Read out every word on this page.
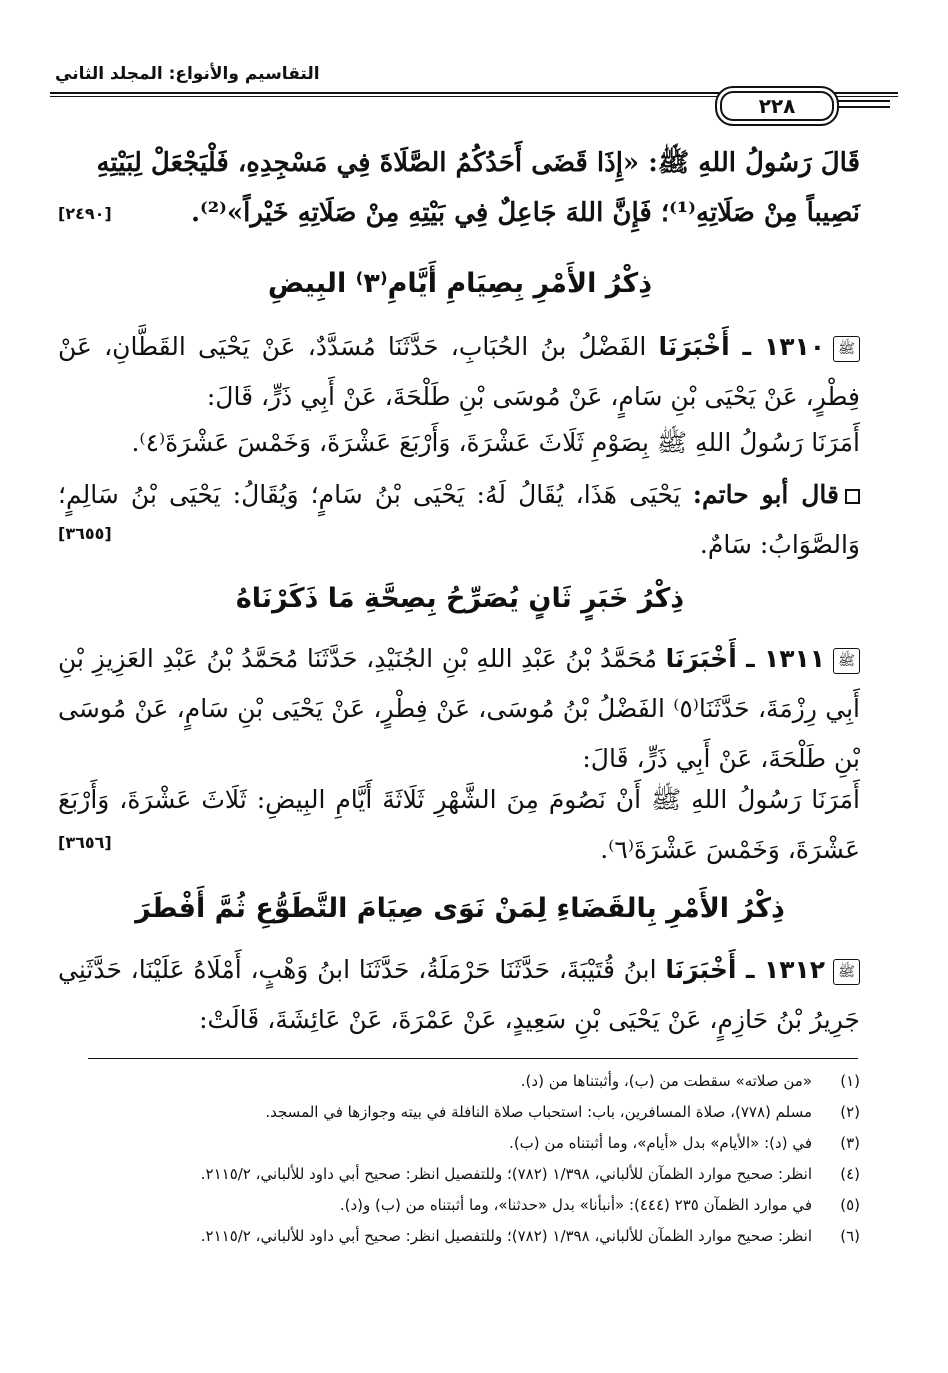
التقاسيم والأنواع: المجلد الثاني
٢٢٨
قَالَ رَسُولُ اللهِ ﷺ: «إِذَا قَضَى أَحَدُكُمُ الصَّلَاةَ فِي مَسْجِدِهِ، فَلْيَجْعَلْ لِبَيْتِهِ
نَصِيباً مِنْ صَلَاتِهِ⁽¹⁾؛ فَإِنَّ اللهَ جَاعِلٌ فِي بَيْتِهِ مِنْ صَلَاتِهِ خَيْراً»⁽²⁾.
[٢٤٩٠]
ذِكْرُ الأَمْرِ بِصِيَامِ أَيَّامِ⁽٣⁾ البِيضِ
ﷺ١٣١٠ ـ أَخْبَرَنَا الفَضْلُ بنُ الحُبَابِ، حَدَّثَنَا مُسَدَّدٌ، عَنْ يَحْيَى القَطَّانِ، عَنْ فِطْرٍ، عَنْ يَحْيَى بْنِ سَامٍ، عَنْ مُوسَى بْنِ طَلْحَةَ، عَنْ أَبِي ذَرٍّ، قَالَ:
أَمَرَنَا رَسُولُ اللهِ ﷺ بِصَوْمِ ثَلَاثَ عَشْرَةَ، وَأَرْبَعَ عَشْرَةَ، وَخَمْسَ عَشْرَةَ⁽٤⁾.
قال أبو حاتم: يَحْيَى هَذَا، يُقَالُ لَهُ: يَحْيَى بْنُ سَامٍ؛ وَيُقَالُ: يَحْيَى بْنُ سَالِمٍ؛ وَالصَّوَابُ: سَامٌ.
[٣٦٥٥]
ذِكْرُ خَبَرٍ ثَانٍ يُصَرِّحُ بِصِحَّةِ مَا ذَكَرْنَاهُ
ﷺ١٣١١ ـ أَخْبَرَنَا مُحَمَّدُ بْنُ عَبْدِ اللهِ بْنِ الجُنَيْدِ، حَدَّثَنَا مُحَمَّدُ بْنُ عَبْدِ العَزِيزِ بْنِ أَبِي رِزْمَةَ، حَدَّثَنَا⁽٥⁾ الفَضْلُ بْنُ مُوسَى، عَنْ فِطْرٍ، عَنْ يَحْيَى بْنِ سَامٍ، عَنْ مُوسَى بْنِ طَلْحَةَ، عَنْ أَبِي ذَرٍّ، قَالَ:
أَمَرَنَا رَسُولُ اللهِ ﷺ أَنْ نَصُومَ مِنَ الشَّهْرِ ثَلَاثَةَ أَيَّامِ البِيضِ: ثَلَاثَ عَشْرَةَ، وَأَرْبَعَ عَشْرَةَ، وَخَمْسَ عَشْرَةَ⁽٦⁾.
[٣٦٥٦]
ذِكْرُ الأَمْرِ بِالقَضَاءِ لِمَنْ نَوَى صِيَامَ التَّطَوُّعِ ثُمَّ أَفْطَرَ
ﷺ١٣١٢ ـ أَخْبَرَنَا ابنُ قُتَيْبَةَ، حَدَّثَنَا حَرْمَلَةُ، حَدَّثَنَا ابنُ وَهْبٍ، أَمْلَاهُ عَلَيْنَا، حَدَّثَنِي جَرِيرُ بْنُ حَازِمٍ، عَنْ يَحْيَى بْنِ سَعِيدٍ، عَنْ عَمْرَةَ، عَنْ عَائِشَةَ، قَالَتْ:
(١)
«من صلاته» سقطت من (ب)، وأثبتناها من (د).
(٢)
مسلم (٧٧٨)، صلاة المسافرين، باب: استحباب صلاة النافلة في بيته وجوازها في المسجد.
(٣)
في (د): «الأيام» بدل «أيام»، وما أثبتناه من (ب).
(٤)
انظر: صحيح موارد الظمآن للألباني، ١/٣٩٨ (٧٨٢)؛ وللتفصيل انظر: صحيح أبي داود للألباني، ٢١١٥/٢.
(٥)
في موارد الظمآن ٢٣٥ (٤٤٤): «أنبأنا» بدل «حدثنا»، وما أثبتناه من (ب) و(د).
(٦)
انظر: صحيح موارد الظمآن للألباني، ١/٣٩٨ (٧٨٢)؛ وللتفصيل انظر: صحيح أبي داود للألباني، ٢١١٥/٢.
